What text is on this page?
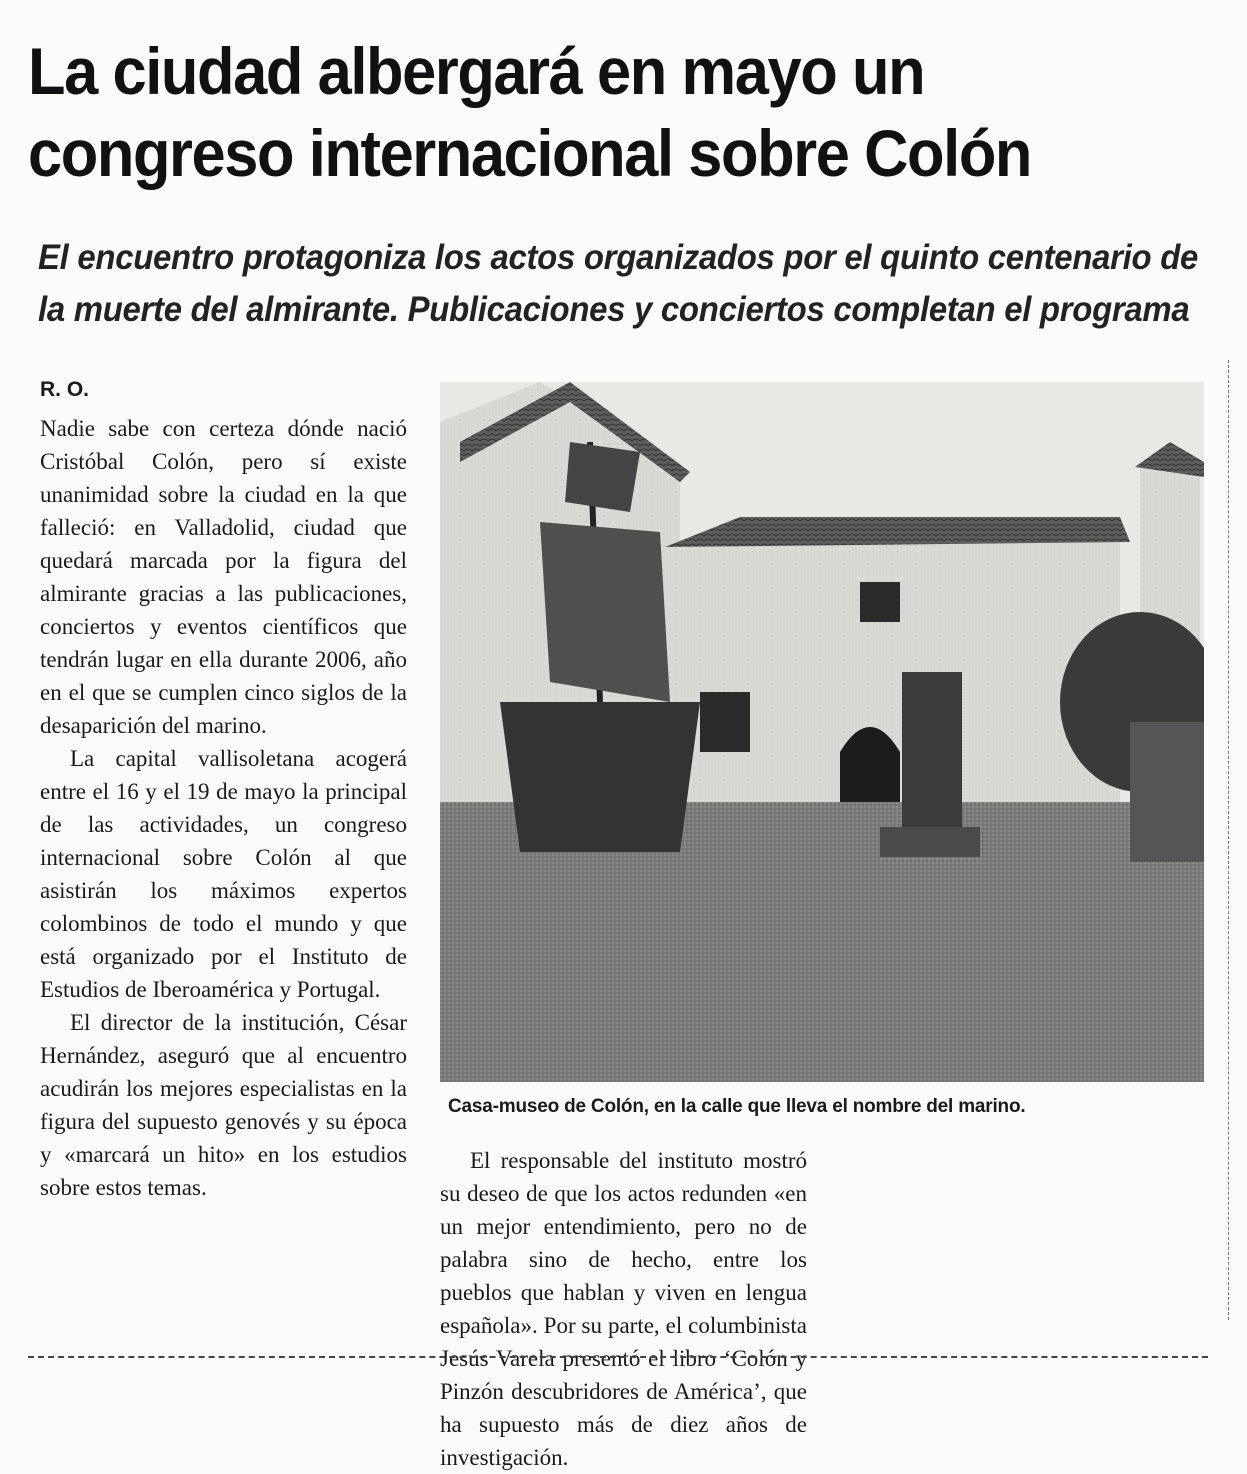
La ciudad albergará en mayo un
congreso internacional sobre Colón
El encuentro protagoniza los actos organizados por el quinto centenario de
la muerte del almirante. Publicaciones y conciertos completan el programa
R. O.

Nadie sabe con certeza dónde nació Cristóbal Colón, pero sí existe unanimidad sobre la ciudad en la que falleció: en Valladolid, ciudad que quedará marcada por la figura del almirante gracias a las publicaciones, conciertos y eventos científicos que tendrán lugar en ella durante 2006, año en el que se cumplen cinco siglos de la desaparición del marino.

La capital vallisoletana acogerá entre el 16 y el 19 de mayo la principal de las actividades, un congreso internacional sobre Colón al que asistirán los máximos expertos colombinos de todo el mundo y que está organizado por el Instituto de Estudios de Iberoamérica y Portugal.

El director de la institución, César Hernández, aseguró que al encuentro acudirán los mejores especialistas en la figura del supuesto genovés y su época y «marcará un hito» en los estudios sobre estos temas.

Casa-museo de Colón, en la calle que lleva el nombre del marino.

El responsable del instituto mostró su deseo de que los actos redunden «en un mejor entendimiento, pero no de palabra sino de hecho, entre los pueblos que hablan y viven en lengua española». Por su parte, el columbinista Jesús Varela presentó el libro ‘Colón y Pinzón descubridores de América’, que ha supuesto más de diez años de investigación.
